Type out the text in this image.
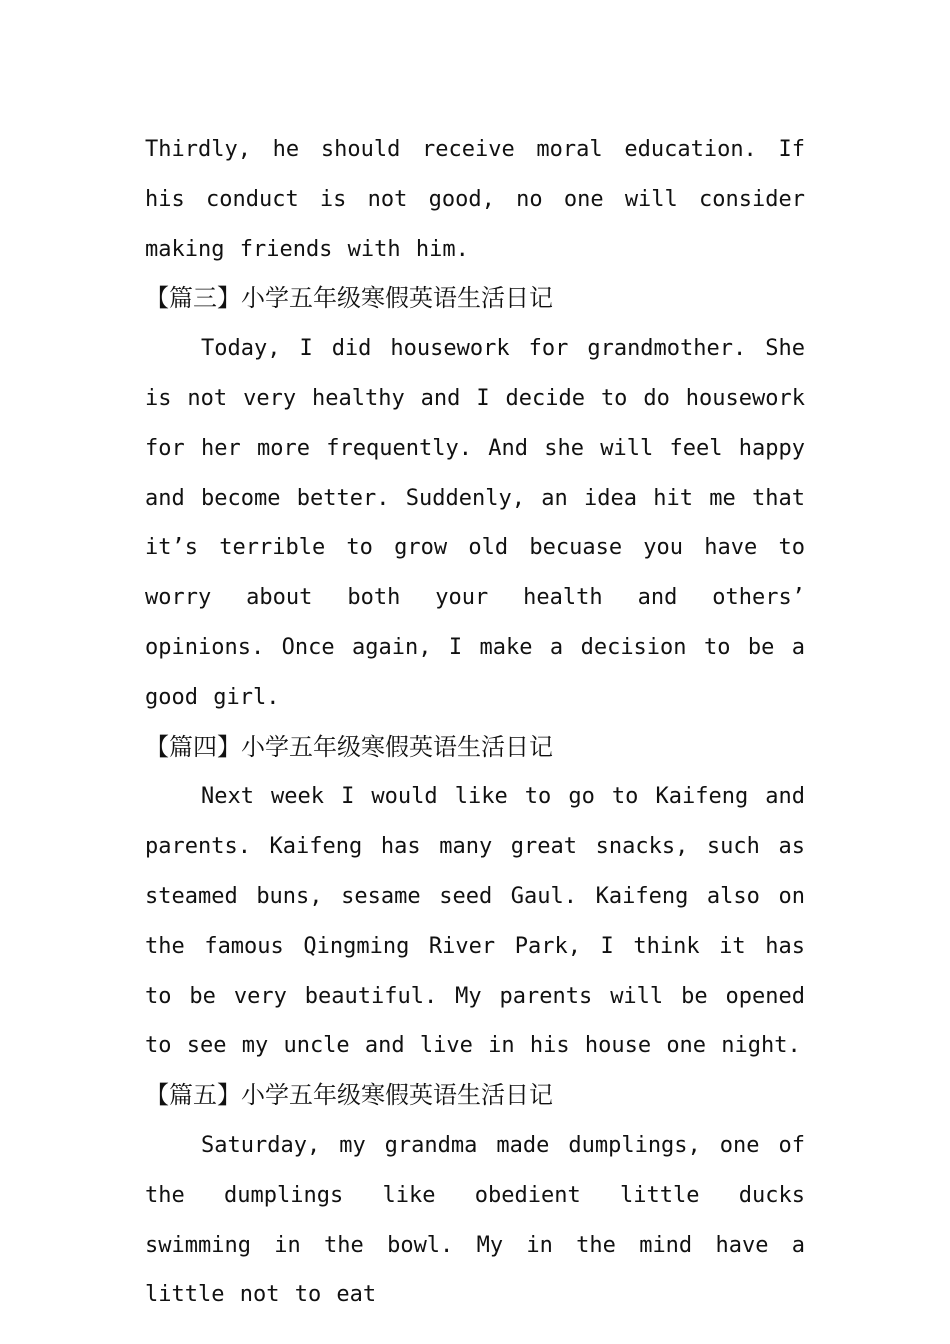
Thirdly, he should receive moral education. If his conduct is not good, no one will consider making friends with him.

【篇三】小学五年级寒假英语生活日记

Today, I did housework for grandmother. She is not very healthy and I decide to do housework for her more frequently. And she will feel happy and become better. Suddenly, an idea hit me that it’s terrible to grow old becuase you have to worry about both your health and others’ opinions. Once again, I make a decision to be a good girl.

【篇四】小学五年级寒假英语生活日记

Next week I would like to go to Kaifeng and parents. Kaifeng has many great snacks, such as steamed buns, sesame seed Gaul. Kaifeng also on the famous Qingming River Park, I think it has to be very beautiful. My parents will be opened to see my uncle and live in his house one night.

【篇五】小学五年级寒假英语生活日记

Saturday, my grandma made dumplings, one of the dumplings like obedient little ducks swimming in the bowl. My in the mind have a little not to eat
